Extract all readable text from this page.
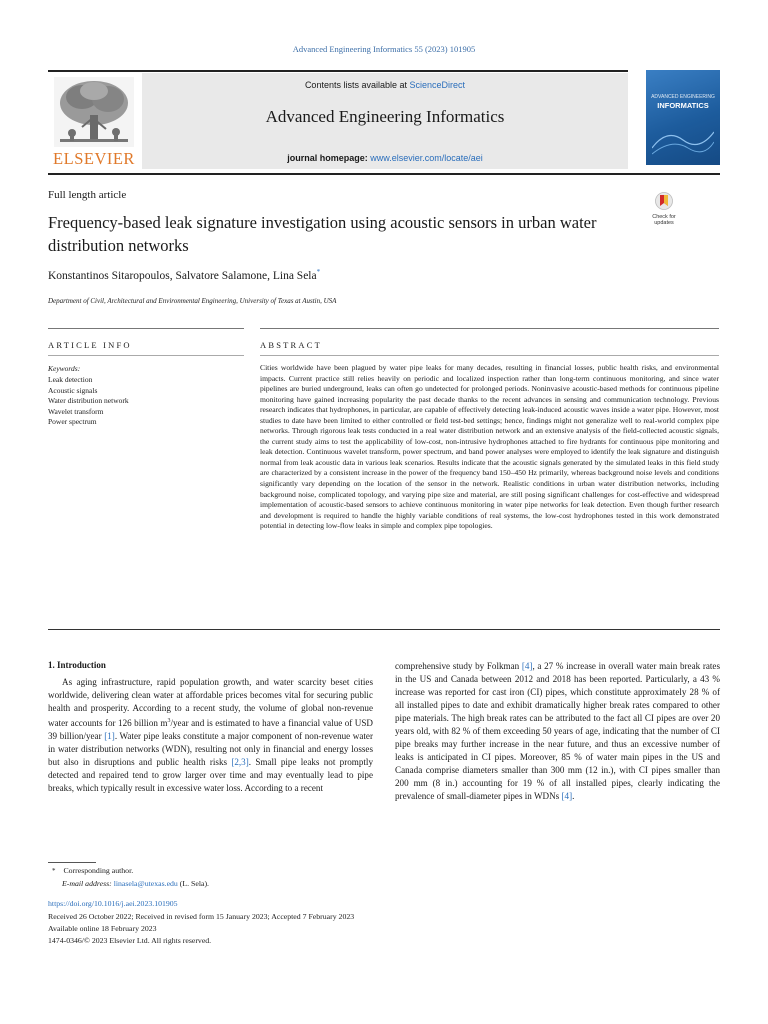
Advanced Engineering Informatics 55 (2023) 101905
ELSEVIER
Contents lists available at ScienceDirect
Advanced Engineering Informatics
journal homepage: www.elsevier.com/locate/aei
ADVANCED ENGINEERING
INFORMATICS
Full length article
Frequency-based leak signature investigation using acoustic sensors in urban water distribution networks
Check for
updates
Konstantinos Sitaropoulos, Salvatore Salamone, Lina Sela*
Department of Civil, Architectural and Environmental Engineering, University of Texas at Austin, USA
ARTICLE INFO	ABSTRACT
Keywords:
Leak detection
Acoustic signals
Water distribution network
Wavelet transform
Power spectrum
Cities worldwide have been plagued by water pipe leaks for many decades, resulting in financial losses, public health risks, and environmental impacts. Current practice still relies heavily on periodic and localized inspection rather than long-term continuous monitoring, and since water pipelines are buried underground, leaks can often go undetected for prolonged periods. Noninvasive acoustic-based methods for continuous pipeline monitoring have gained increasing popularity the past decade thanks to the recent advances in sensing and communication technology. Previous research indicates that hydrophones, in particular, are capable of effectively detecting leak-induced acoustic waves inside a water pipe. However, most studies to date have been limited to either controlled or field test-bed settings; hence, findings might not generalize well to real-world complex pipe networks. Through rigorous leak tests conducted in a real water distribution network and an extensive analysis of the field-collected acoustic signals, the current study aims to test the applicability of low-cost, non-intrusive hydrophones attached to fire hydrants for continuous pipe monitoring and leak detection. Continuous wavelet transform, power spectrum, and band power analyses were employed to identify the leak signature and distinguish normal from leak acoustic data in various leak scenarios. Results indicate that the acoustic signals generated by the simulated leaks in this field study are characterized by a consistent increase in the power of the frequency band 150–450 Hz primarily, whereas background noise levels and conditions significantly vary depending on the location of the sensor in the network. Realistic conditions in urban water distribution networks, including background noise, complicated topology, and varying pipe size and material, are still posing significant challenges for cost-effective and widespread implementation of acoustic-based sensors to achieve continuous monitoring in water pipe networks for leak detection. Even though further research and development is required to handle the highly variable conditions of real systems, the low-cost hydrophones tested in this work demonstrated potential in detecting low-flow leaks in simple and complex pipe topologies.
1. Introduction
As aging infrastructure, rapid population growth, and water scarcity beset cities worldwide, delivering clean water at affordable prices becomes vital for securing public health and prosperity. According to a recent study, the volume of global non-revenue water accounts for 126 billion $m^3$/year and is estimated to have a financial value of USD 39 billion/year [1]. Water pipe leaks constitute a major component of non-revenue water in water distribution networks (WDN), resulting not only in financial and energy losses but also in disruptions and public health risks [2,3]. Small pipe leaks not promptly detected and repaired tend to grow larger over time and may eventually lead to pipe breaks, which typically result in excessive water loss. According to a recent
comprehensive study by Folkman [4], a 27 % increase in overall water main break rates in the US and Canada between 2012 and 2018 has been reported. Particularly, a 43 % increase was reported for cast iron (CI) pipes, which constitute approximately 28 % of all installed pipes to date and exhibit dramatically higher break rates compared to other pipe materials. The high break rates can be attributed to the fact all CI pipes are over 20 years old, with 82 % of them exceeding 50 years of age, indicating that the number of CI pipe breaks may further increase in the near future, and thus an excessive number of leaks is anticipated in CI pipes. Moreover, 85 % of water main pipes in the US and Canada comprise diameters smaller than 300 mm (12 in.), with CI pipes smaller than 200 mm (8 in.) accounting for 19 % of all installed pipes, clearly indicating the prevalence of small-diameter pipes in WDNs [4].
* Corresponding author.
E-mail address: linasela@utexas.edu (L. Sela).
https://doi.org/10.1016/j.aei.2023.101905
Received 26 October 2022; Received in revised form 15 January 2023; Accepted 7 February 2023
Available online 18 February 2023
1474-0346/© 2023 Elsevier Ltd. All rights reserved.
